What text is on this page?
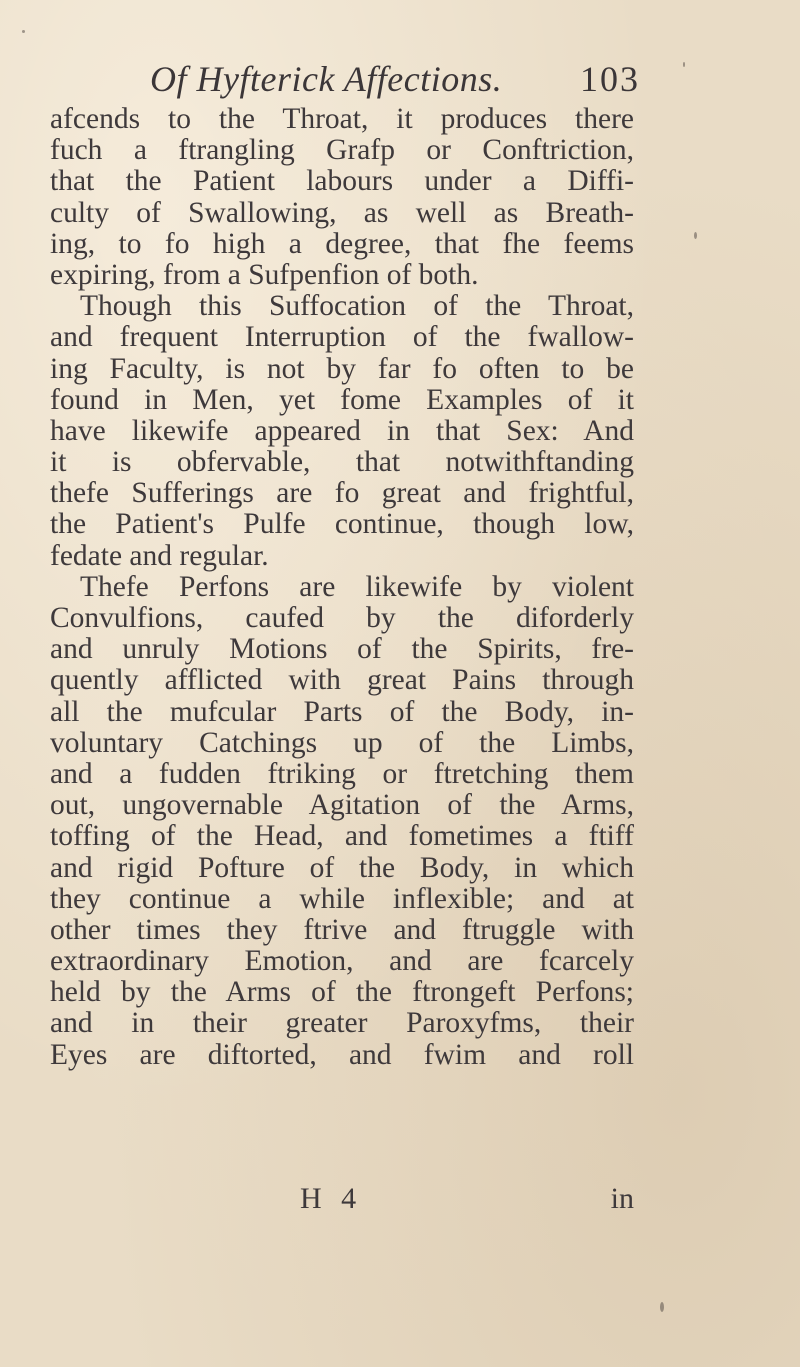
Of Hyfterick Affections. 103
afcends to the Throat, it produces there
fuch a ftrangling Grafp or Conftriction,
that the Patient labours under a Diffi-
culty of Swallowing, as well as Breath-
ing, to fo high a degree, that fhe feems
expiring, from a Sufpenfion of both.
Though this Suffocation of the Throat,
and frequent Interruption of the fwallow-
ing Faculty, is not by far fo often to be
found in Men, yet fome Examples of it
have likewife appeared in that Sex: And
it is obfervable, that notwithftanding
thefe Sufferings are fo great and frightful,
the Patient's Pulfe continue, though low,
fedate and regular.
Thefe Perfons are likewife by violent
Convulfions, caufed by the diforderly
and unruly Motions of the Spirits, fre-
quently afflicted with great Pains through
all the mufcular Parts of the Body, in-
voluntary Catchings up of the Limbs,
and a fudden ftriking or ftretching them
out, ungovernable Agitation of the Arms,
toffing of the Head, and fometimes a ftiff
and rigid Pofture of the Body, in which
they continue a while inflexible; and at
other times they ftrive and ftruggle with
extraordinary Emotion, and are fcarcely
held by the Arms of the ftrongeft Perfons;
and in their greater Paroxyfms, their
Eyes are diftorted, and fwim and roll
H 4	in
